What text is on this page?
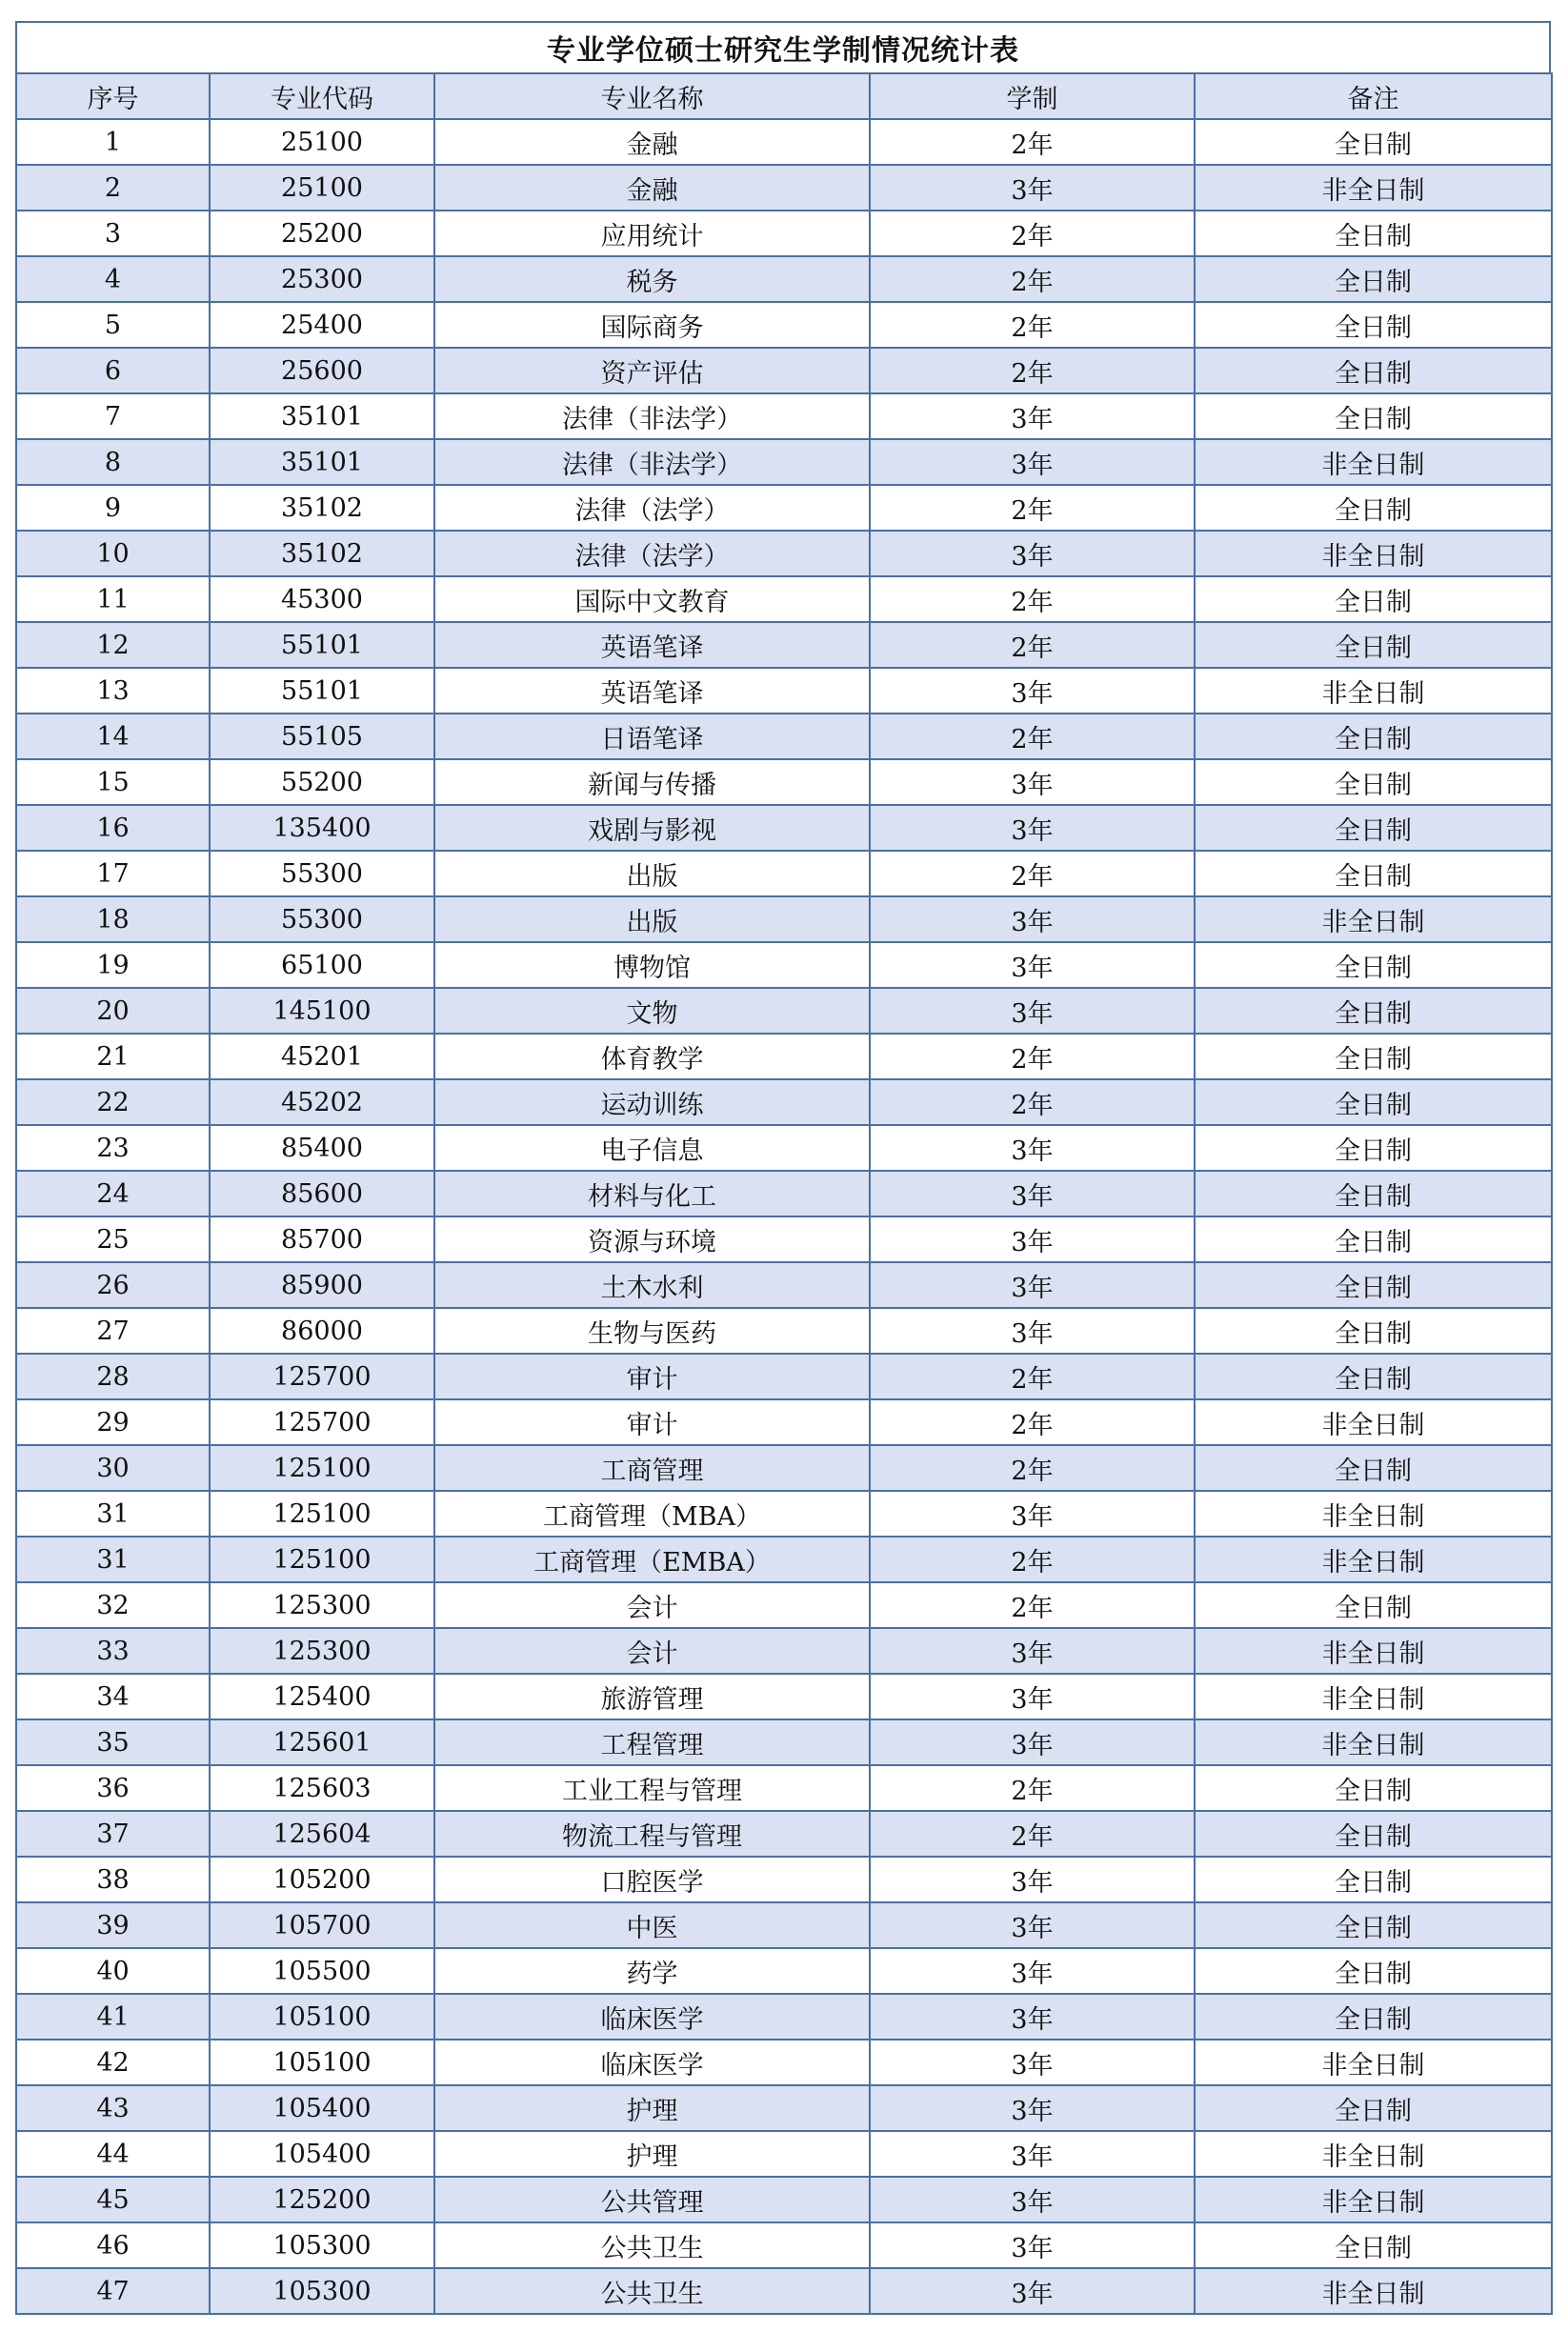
专业学位硕士研究生学制情况统计表
序号	专业代码	专业名称	学制	备注
1	25100	金融	2年	全日制
2	25100	金融	3年	非全日制
3	25200	应用统计	2年	全日制
4	25300	税务	2年	全日制
5	25400	国际商务	2年	全日制
6	25600	资产评估	2年	全日制
7	35101	法律（非法学）	3年	全日制
8	35101	法律（非法学）	3年	非全日制
9	35102	法律（法学）	2年	全日制
10	35102	法律（法学）	3年	非全日制
11	45300	国际中文教育	2年	全日制
12	55101	英语笔译	2年	全日制
13	55101	英语笔译	3年	非全日制
14	55105	日语笔译	2年	全日制
15	55200	新闻与传播	3年	全日制
16	135400	戏剧与影视	3年	全日制
17	55300	出版	2年	全日制
18	55300	出版	3年	非全日制
19	65100	博物馆	3年	全日制
20	145100	文物	3年	全日制
21	45201	体育教学	2年	全日制
22	45202	运动训练	2年	全日制
23	85400	电子信息	3年	全日制
24	85600	材料与化工	3年	全日制
25	85700	资源与环境	3年	全日制
26	85900	土木水利	3年	全日制
27	86000	生物与医药	3年	全日制
28	125700	审计	2年	全日制
29	125700	审计	2年	非全日制
30	125100	工商管理	2年	全日制
31	125100	工商管理（MBA）	3年	非全日制
31	125100	工商管理（EMBA）	2年	非全日制
32	125300	会计	2年	全日制
33	125300	会计	3年	非全日制
34	125400	旅游管理	3年	非全日制
35	125601	工程管理	3年	非全日制
36	125603	工业工程与管理	2年	全日制
37	125604	物流工程与管理	2年	全日制
38	105200	口腔医学	3年	全日制
39	105700	中医	3年	全日制
40	105500	药学	3年	全日制
41	105100	临床医学	3年	全日制
42	105100	临床医学	3年	非全日制
43	105400	护理	3年	全日制
44	105400	护理	3年	非全日制
45	125200	公共管理	3年	非全日制
46	105300	公共卫生	3年	全日制
47	105300	公共卫生	3年	非全日制
